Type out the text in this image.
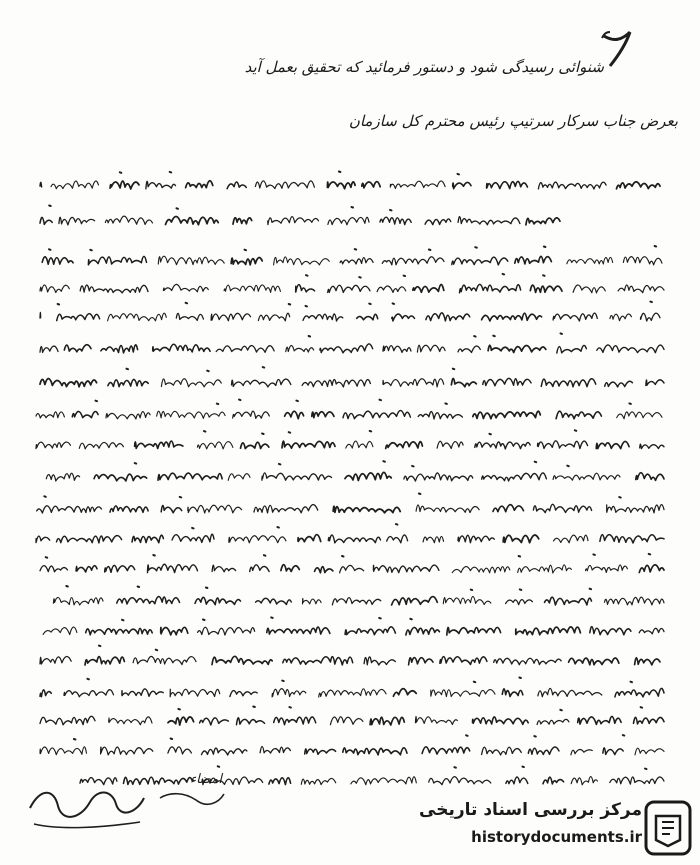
شنوائی رسیدگی شود و دستور فرمائید که تحقیق بعمل آید
بعرض جناب سرکار سرتیپ رئیس محترم کل سازمان
امضاء
مرکز بررسی اسناد تاریخی
historydocuments.ir
